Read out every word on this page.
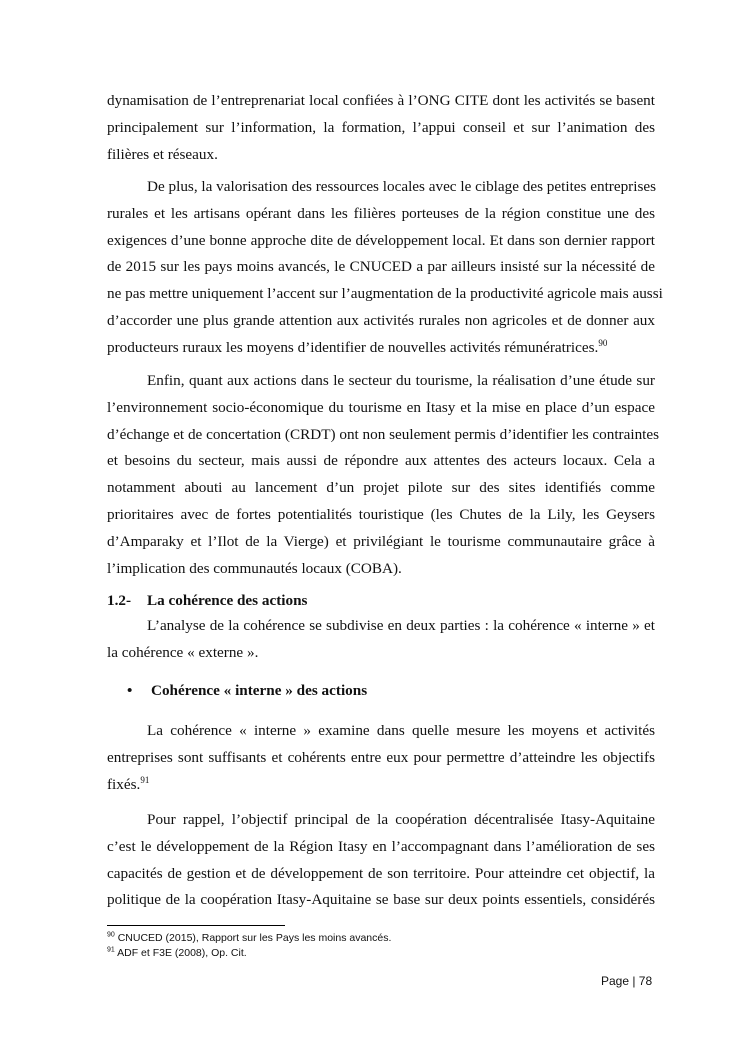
dynamisation de l’entreprenariat local confiées à l’ONG CITE dont les activités se basent
principalement sur l’information, la formation, l’appui conseil et sur l’animation des
filières et réseaux.
De plus, la valorisation des ressources locales avec le ciblage des petites entreprises
rurales et les artisans opérant dans les filières porteuses de la région constitue une des
exigences d’une bonne approche dite de développement local. Et dans son dernier rapport
de 2015 sur les pays moins avancés, le CNUCED a par ailleurs insisté sur la nécessité de
ne pas mettre uniquement l’accent sur l’augmentation de la productivité agricole mais aussi
d’accorder une plus grande attention aux activités rurales non agricoles et de donner aux
producteurs ruraux les moyens d’identifier de nouvelles activités rémunératrices.$^{90}$
Enfin, quant aux actions dans le secteur du tourisme, la réalisation d’une étude sur
l’environnement socio-économique du tourisme en Itasy et la mise en place d’un espace
d’échange et de concertation (CRDT) ont non seulement permis d’identifier les contraintes
et besoins du secteur, mais aussi de répondre aux attentes des acteurs locaux. Cela a
notamment abouti au lancement d’un projet pilote sur des sites identifiés comme
prioritaires avec de fortes potentialités touristique (les Chutes de la Lily, les Geysers
d’Amparaky et l’Ilot de la Vierge) et privilégiant le tourisme communautaire grâce à
l’implication des communautés locaux (COBA).
1.2- La cohérence des actions
L’analyse de la cohérence se subdivise en deux parties : la cohérence « interne » et
la cohérence « externe ».
• Cohérence « interne » des actions
La cohérence « interne » examine dans quelle mesure les moyens et activités
entreprises sont suffisants et cohérents entre eux pour permettre d’atteindre les objectifs
fixés.$^{91}$
Pour rappel, l’objectif principal de la coopération décentralisée Itasy-Aquitaine
c’est le développement de la Région Itasy en l’accompagnant dans l’amélioration de ses
capacités de gestion et de développement de son territoire. Pour atteindre cet objectif, la
politique de la coopération Itasy-Aquitaine se base sur deux points essentiels, considérés
$^{90}$ CNUCED (2015), Rapport sur les Pays les moins avancés.
$^{91}$ ADF et F3E (2008), Op. Cit.
Page | 78
